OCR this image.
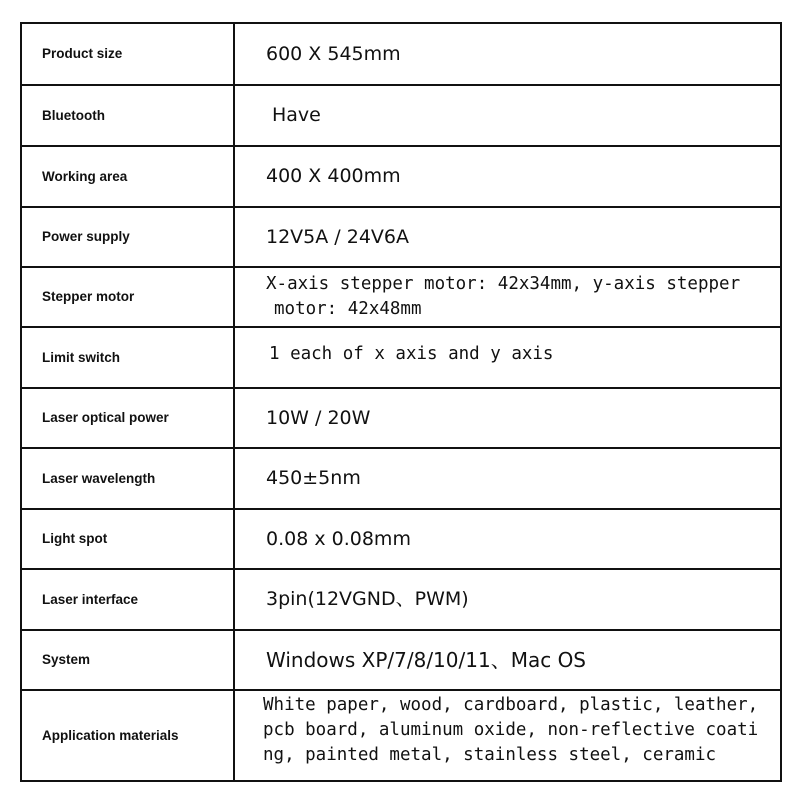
Product size	600 X 545mm
Bluetooth	Have
Working area	400 X 400mm
Power supply	12V5A / 24V6A
Stepper motor	X-axis stepper motor: 42x34mm, y-axis stepper
motor: 42x48mm

Limit switch	1 each of x axis and y axis
Laser optical power	10W / 20W
Laser wavelength	450±5nm
Light spot	0.08 x 0.08mm
Laser interface	3pin(12VGND、PWM)
System	Windows XP/7/8/10/11、Mac OS
Application materials	White paper, wood, cardboard, plastic, leather,
pcb board, aluminum oxide, non-reflective coati
ng, painted metal, stainless steel, ceramic
